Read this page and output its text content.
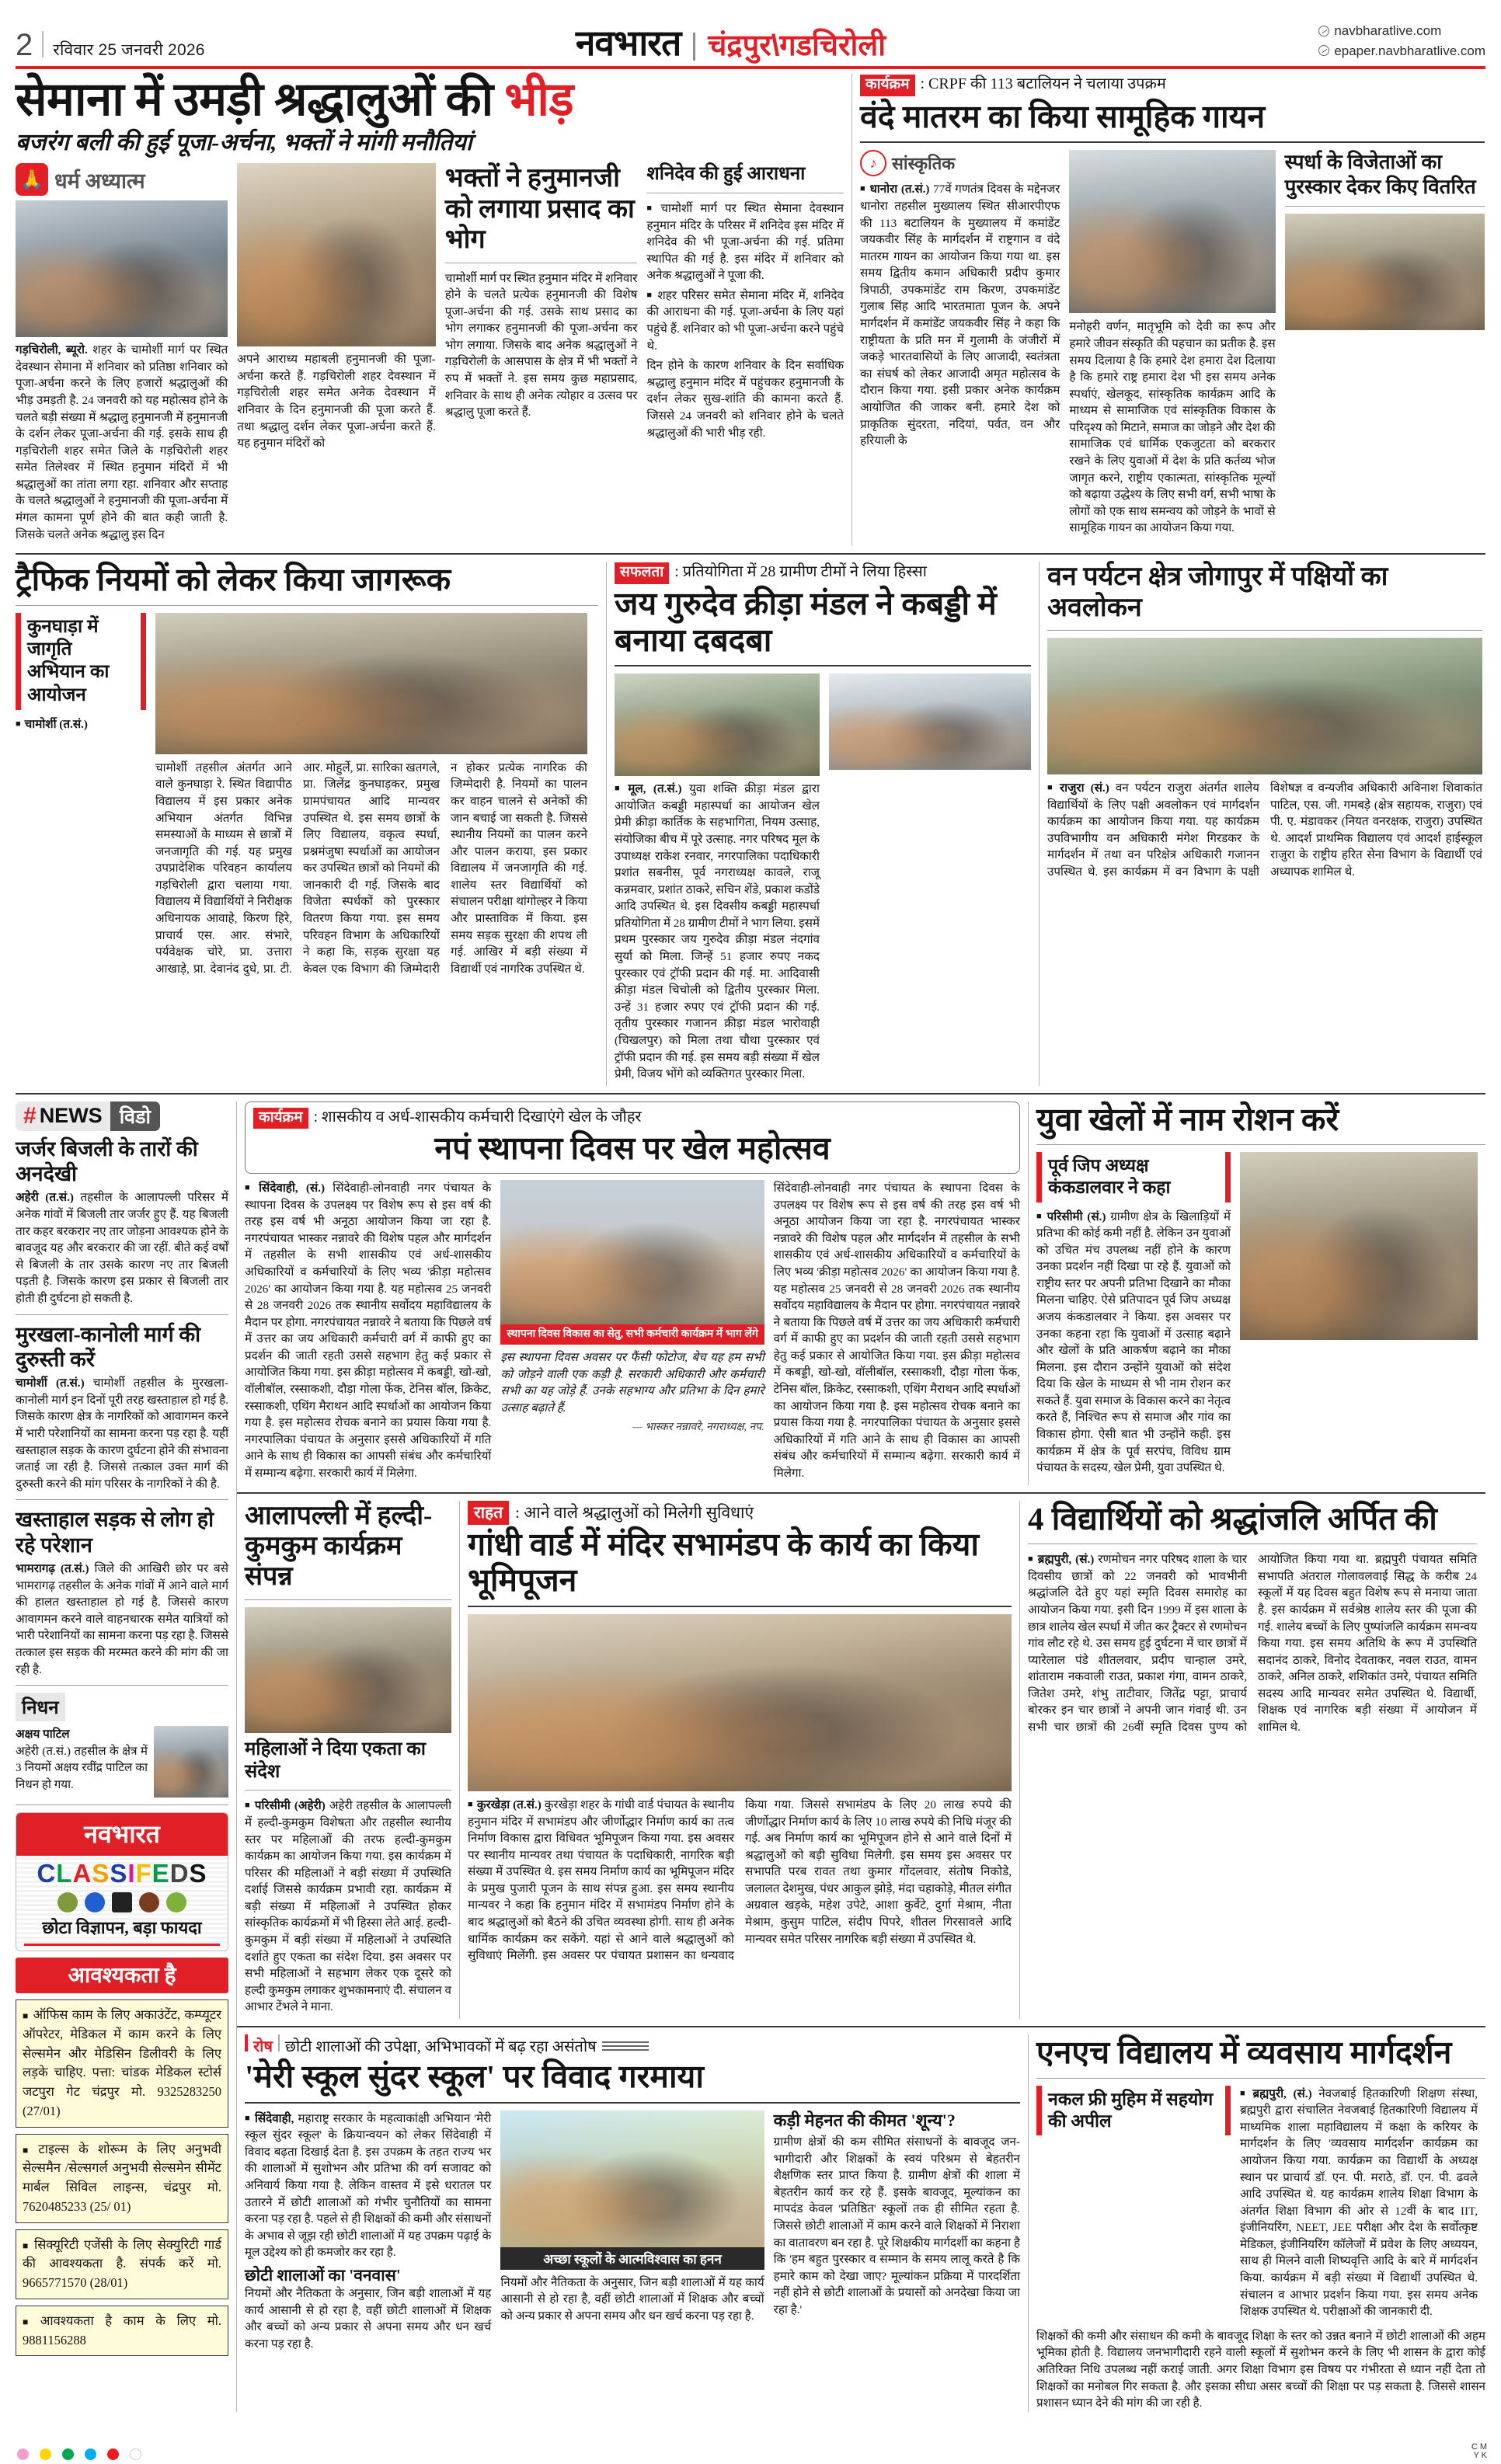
2 रविवार 25 जनवरी 2026	नवभारत चंद्रपुर\गडचिरोली	navbharatlive.com
epaper.navbharatlive.com
सेमाना में उमड़ी श्रद्धालुओं की भीड़
बजरंग बली की हुई पूजा-अर्चना, भक्तों ने मांगी मनौतियां
🙏 धर्म अध्यात्म

गड़चिरोली, ब्यूरो. शहर के चामोर्शी मार्ग पर स्थित देवस्थान सेमाना में शनिवार को प्रतिष्ठा शनिवार को पूजा-अर्चना करने के लिए हजारों श्रद्धालुओं की भीड़ उमड़ती है. 24 जनवरी को यह महोत्सव होने के चलते बड़ी संख्या में श्रद्धालु हनुमानजी में हनुमानजी के दर्शन लेकर पूजा-अर्चना की गई. इसके साथ ही गड़चिरोली शहर समेत जिले के गड़चिरोली शहर समेत तिलेश्वर में स्थित हनुमान मंदिरों में भी श्रद्धालुओं का तांता लगा रहा. शनिवार और सप्ताह के चलते श्रद्धालुओं ने हनुमानजी की पूजा-अर्चना में मंगल कामना पूर्ण होने की बात कही जाती है. जिसके चलते अनेक श्रद्धालु इस दिन

अपने आराध्य महाबली हनुमानजी की पूजा-अर्चना करते हैं. गड़चिरोली शहर देवस्थान में गड़चिरोली शहर समेत अनेक देवस्थान में शनिवार के दिन हनुमानजी की पूजा करते हैं. तथा श्रद्धालु दर्शन लेकर पूजा-अर्चना करते हैं. यह हनुमान मंदिरों को

भक्तों ने हनुमानजी को लगाया प्रसाद का भोग
चामोर्शी मार्ग पर स्थित हनुमान मंदिर में शनिवार होने के चलते प्रत्येक हनुमानजी की विशेष पूजा-अर्चना की गई. उसके साथ प्रसाद का भोग लगाकर हनुमानजी की पूजा-अर्चना कर भोग लगाया. जिसके बाद अनेक श्रद्धालुओं ने गड़चिरोली के आसपास के क्षेत्र में भी भक्तों ने रुप में भक्तों ने. इस समय कुछ महाप्रसाद, शनिवार के साथ ही अनेक त्योहार व उत्सव पर श्रद्धालु पूजा करते हैं.
शनिदेव की हुई आराधना

■ चामोर्शी मार्ग पर स्थित सेमाना देवस्थान हनुमान मंदिर के परिसर में शनिदेव इस मंदिर में शनिदेव की भी पूजा-अर्चना की गई. प्रतिमा स्थापित की गई है. इस मंदिर में शनिवार को अनेक श्रद्धालुओं ने पूजा की.

■ शहर परिसर समेत सेमाना मंदिर में, शनिदेव की आराधना की गई. पूजा-अर्चना के लिए यहां पहुंचे हैं. शनिवार को भी पूजा-अर्चना करने पहुंचे थे.

दिन होने के कारण शनिवार के दिन सर्वाधिक श्रद्धालु हनुमान मंदिर में पहुंचकर हनुमानजी के दर्शन लेकर सुख-शांति की कामना करते हैं. जिससे 24 जनवरी को शनिवार होने के चलते श्रद्धालुओं की भारी भीड़ रही.

कार्यक्रम : CRPF की 113 बटालियन ने चलाया उपक्रम
वंदे मातरम का किया सामूहिक गायन
♪ सांस्कृतिक

■ धानोरा (त.सं.) 77वें गणतंत्र दिवस के मद्देनजर धानोरा तहसील मुख्यालय स्थित सीआरपीएफ की 113 बटालियन के मुख्यालय में कमांडेंट जयकवीर सिंह के मार्गदर्शन में राष्ट्रगान व वंदे मातरम गायन का आयोजन किया गया था. इस समय द्वितीय कमान अधिकारी प्रदीप कुमार त्रिपाठी, उपकमांडेंट राम किरण, उपकमांडेंट गुलाब सिंह आदि भारतमाता पूजन के. अपने मार्गदर्शन में कमांडेंट जयकवीर सिंह ने कहा कि राष्ट्रीयता के प्रति मन में गुलामी के जंजीरों में जकड़े भारतवासियों के लिए आजादी, स्वतंत्रता का संघर्ष को लेकर आजादी अमृत महोत्सव के दौरान किया गया. इसी प्रकार अनेक कार्यक्रम आयोजित की जाकर बनी. हमारे देश को प्राकृतिक सुंदरता, नदियां, पर्वत, वन और हरियाली के

मनोहरी वर्णन, मातृभूमि को देवी का रूप और हमारे जीवन संस्कृति की पहचान का प्रतीक है. इस समय दिलाया है कि हमारे देश हमारा देश दिलाया है कि हमारे राष्ट्र हमारा देश भी इस समय अनेक स्पर्धाएं, खेलकूद, सांस्कृतिक कार्यक्रम आदि के माध्यम से सामाजिक एवं सांस्कृतिक विकास के परिदृश्य को मिटाने, समाज का जोड़ने और देश की सामाजिक एवं धार्मिक एकजुटता को बरकरार रखने के लिए युवाओं में देश के प्रति कर्तव्य भोज जागृत करने, राष्ट्रीय एकात्मता, सांस्कृतिक मूल्यों को बढ़ाया उद्धेश्य के लिए सभी वर्ग, सभी भाषा के लोगों को एक साथ समन्वय को जोड़ने के भावों से सामूहिक गायन का आयोजन किया गया.
स्पर्धा के विजेताओं का पुरस्कार देकर किए वितरित
ट्रैफिक नियमों को लेकर किया जागरूक
कुनघाड़ा में जागृति अभियान का आयोजन

■ चामोर्शी (त.सं.)

चामोर्शी तहसील अंतर्गत आने वाले कुनघाड़ा रे. स्थित विद्यापीठ विद्यालय में इस प्रकार अनेक अभियान अंतर्गत विभिन्न समस्याओं के माध्यम से छात्रों में जनजागृति की गई. यह प्रमुख उपप्रादेशिक परिवहन कार्यालय गड़चिरोली द्वारा चलाया गया. विद्यालय में विद्यार्थियों ने निरीक्षक अधिनायक आवाहे, किरण हिरे, प्राचार्य एस. आर. संभारे, पर्यवेक्षक चोरे, प्रा. उत्तारा आखाड़े, प्रा. देवानंद दुधे, प्रा. टी. आर. मोहुर्ले, प्रा. सारिका खतगले, प्रा. जिलेंद्र कुनघाड़कर, प्रमुख ग्रामपंचायत आदि मान्यवर उपस्थित थे. इस समय छात्रों के लिए विद्यालय, वकृत्व स्पर्धा, प्रश्नमंजुषा स्पर्धाओं का आयोजन कर उपस्थित छात्रों को नियमों की जानकारी दी गई. जिसके बाद विजेता स्पर्धकों को पुरस्कार वितरण किया गया. इस समय परिवहन विभाग के अधिकारियों ने कहा कि, सड़क सुरक्षा यह केवल एक विभाग की जिम्मेदारी न होकर प्रत्येक नागरिक की जिम्मेदारी है. नियमों का पालन कर वाहन चालने से अनेकों की जान बचाई जा सकती है. जिससे स्थानीय नियमों का पालन करने और पालन कराया, इस प्रकार विद्यालय में जनजागृति की गई. शालेय स्तर विद्यार्थियों को संचालन परीक्षा थांगोल्हर ने किया और प्रास्ताविक में किया. इस समय सड़क सुरक्षा की शपथ ली गई. आखिर में बड़ी संख्या में विद्यार्थी एवं नागरिक उपस्थित थे.
सफलता : प्रतियोगिता में 28 ग्रामीण टीमों ने लिया हिस्सा
जय गुरुदेव क्रीड़ा मंडल ने कबड्डी में बनाया दबदबा

■ मूल, (त.सं.) युवा शक्ति क्रीड़ा मंडल द्वारा आयोजित कबड्डी महास्पर्धा का आयोजन खेल प्रेमी क्रीड़ा कार्तिक के सहभागिता, नियम उत्साह, संयोजिका बीच में पूरे उत्साह. नगर परिषद मूल के उपाध्यक्ष राकेश रनवार, नगरपालिका पदाधिकारी प्रशांत सबनीस, पूर्व नगराध्यक्ष कावले, राजू कन्नमवार, प्रशांत ठाकरे, सचिन शेंडे, प्रकाश कडोंडे आदि उपस्थित थे. इस दिवसीय कबड्डी महास्पर्धा प्रतियोगिता में 28 ग्रामीण टीमों ने भाग लिया. इसमें प्रथम पुरस्कार जय गुरुदेव क्रीड़ा मंडल नंदगांव सुर्या को मिला. जिन्हें 51 हजार रुपए नकद पुरस्कार एवं ट्रॉफी प्रदान की गई. मा. आदिवासी क्रीड़ा मंडल चिचोली को द्वितीय पुरस्कार मिला. उन्हें 31 हजार रुपए एवं ट्रॉफी प्रदान की गई. तृतीय पुरस्कार गजानन क्रीड़ा मंडल भारोवाही (चिखलपुर) को मिला तथा चौथा पुरस्कार एवं ट्रॉफी प्रदान की गई. इस समय बड़ी संख्या में खेल प्रेमी, विजय भोंगे को व्यक्तिगत पुरस्कार मिला.

वन पर्यटन क्षेत्र जोगापुर में पक्षियों का अवलोकन

■ राजुरा (सं.) वन पर्यटन राजुरा अंतर्गत शालेय विद्यार्थियों के लिए पक्षी अवलोकन एवं मार्गदर्शन कार्यक्रम का आयोजन किया गया. यह कार्यक्रम उपविभागीय वन अधिकारी मंगेश गिरडकर के मार्गदर्शन में तथा वन परिक्षेत्र अधिकारी गजानन उपस्थित थे. इस कार्यक्रम में वन विभाग के पक्षी विशेषज्ञ व वन्यजीव अधिकारी अविनाश शिवाकांत पाटिल, एस. जी. गमबड़े (क्षेत्र सहायक, राजुरा) एवं पी. ए. मंडावकर (नियत वनरक्षक, राजुरा) उपस्थित थे. आदर्श प्राथमिक विद्यालय एवं आदर्श हाईस्कूल राजुरा के राष्ट्रीय हरित सेना विभाग के विद्यार्थी एवं अध्यापक शामिल थे.

# NEWS विडो
जर्जर बिजली के तारों की अनदेखी
अहेरी (त.सं.) तहसील के आलापल्ली परिसर में अनेक गांवों में बिजली तार जर्जर हुए हैं. यह बिजली तार कहर बरकरार नए तार जोड़ना आवश्यक होने के बावजूद यह और बरकरार की जा रहीं. बीते कई वर्षों से बिजली के तार उसके कारण नए तार बिजली पड़ती है. जिसके कारण इस प्रकार से बिजली तार होती ही दुर्घटना हो सकती है.
मुरखला-कानोली मार्ग की दुरुस्ती करें
चामोर्शी (त.सं.) चामोर्शी तहसील के मुरखला-कानोली मार्ग इन दिनों पूरी तरह खस्ताहाल हो गई है. जिसके कारण क्षेत्र के नागरिकों को आवागमन करने में भारी परेशानियों का सामना करना पड़ रहा है. यहीं खस्ताहाल सड़क के कारण दुर्घटना होने की संभावना जताई जा रही है. जिससे तत्काल उक्त मार्ग की दुरुस्ती करने की मांग परिसर के नागरिकों ने की है.
खस्ताहाल सड़क से लोग हो रहे परेशान
भामरागढ़ (त.सं.) जिले की आखिरी छोर पर बसे भामरागढ़ तहसील के अनेक गांवों में आने वाले मार्ग की हालत खस्ताहाल हो गई है. जिससे कारण आवागमन करने वाले वाहनधारक समेत यात्रियों को भारी परेशानियों का सामना करना पड़ रहा है. जिससे तत्काल इस सड़क की मरम्मत करने की मांग की जा रही है.
निधन
अक्षय पाटिल
अहेरी (त.सं.) तहसील के क्षेत्र में 3 नियमों अक्षय रवींद्र पाटिल का निधन हो गया.
नवभारत
CLASSIFEDS
छोटा विज्ञापन, बड़ा फायदा
आवश्यकता है
■ ऑफिस काम के लिए अकाउंटेंट, कम्प्यूटर ऑपरेटर, मेडिकल में काम करने के लिए सेल्समेन और मेडिसिन डिलीवरी के लिए लड़के चाहिए. पत्ता: चांडक मेडिकल स्टोर्स जटपुरा गेट चंद्रपुर मो. 9325283250 (27/01)
■ टाइल्स के शोरूम के लिए अनुभवी सेल्समैन /सेल्सगर्ल अनुभवी सेल्समेन सीमेंट मार्बल सिविल लाइन्स, चंद्रपुर मो. 7620485233 (25/ 01)
■ सिक्यूरिटी एजेंसी के लिए सेक्युरिटी गार्ड की आवश्यकता है. संपर्क करें मो. 9665771570 (28/01)
■ आवश्यकता है काम के लिए मो. 9881156288
कार्यक्रम : शासकीय व अर्ध-शासकीय कर्मचारी दिखाएंगे खेल के जौहर
नपं स्थापना दिवस पर खेल महोत्सव

■ सिंदेवाही, (सं.) सिंदेवाही-लोनवाही नगर पंचायत के स्थापना दिवस के उपलक्ष्य पर विशेष रूप से इस वर्ष की तरह इस वर्ष भी अनूठा आयोजन किया जा रहा है. नगरपंचायत भास्कर नन्नावरे की विशेष पहल और मार्गदर्शन में तहसील के सभी शासकीय एवं अर्ध-शासकीय अधिकारियों व कर्मचारियों के लिए भव्य 'क्रीड़ा महोत्सव 2026' का आयोजन किया गया है. यह महोत्सव 25 जनवरी से 28 जनवरी 2026 तक स्थानीय सर्वोदय महाविद्यालय के मैदान पर होगा. नगरपंचायत नन्नावरे ने बताया कि पिछले वर्ष में उत्तर का जय अधिकारी कर्मचारी वर्ग में काफी हुए का प्रदर्शन की जाती रहती उससे सहभाग हेतु कई प्रकार से आयोजित किया गया. इस क्रीड़ा महोत्सव में कबड्डी, खो-खो, वॉलीबॉल, रस्साकशी, दौड़ा गोला फेंक, टेनिस बॉल, क्रिकेट, रस्साकशी, एथिंग मैराथन आदि स्पर्धाओं का आयोजन किया गया है. इस महोत्सव रोचक बनाने का प्रयास किया गया है. नगरपालिका पंचायत के अनुसार इससे अधिकारियों में गति आने के साथ ही विकास का आपसी संबंध और कर्मचारियों में सम्मान्य बढ़ेगा. सरकारी कार्य में मिलेगा.

स्थापना दिवस विकास का सेतु, सभी कर्मचारी कार्यक्रम में भाग लेंगे
इस स्थापना दिवस अवसर पर फैंसी फोटोज, बेच यह हम सभी को जोड़ने वाली एक कड़ी है. सरकारी अधिकारी और कर्मचारी सभी का यह जोड़े हैं. उनके सहभाग्य और प्रतिभा के दिन हमारे उत्साह बढ़ाते हैं.
— भास्कर नन्नावरे, नगराध्यक्ष, नप.

सिंदेवाही-लोनवाही नगर पंचायत के स्थापना दिवस के उपलक्ष्य पर विशेष रूप से इस वर्ष की तरह इस वर्ष भी अनूठा आयोजन किया जा रहा है. नगरपंचायत भास्कर नन्नावरे की विशेष पहल और मार्गदर्शन में तहसील के सभी शासकीय एवं अर्ध-शासकीय अधिकारियों व कर्मचारियों के लिए भव्य 'क्रीड़ा महोत्सव 2026' का आयोजन किया गया है. यह महोत्सव 25 जनवरी से 28 जनवरी 2026 तक स्थानीय सर्वोदय महाविद्यालय के मैदान पर होगा. नगरपंचायत नन्नावरे ने बताया कि पिछले वर्ष में उत्तर का जय अधिकारी कर्मचारी वर्ग में काफी हुए का प्रदर्शन की जाती रहती उससे सहभाग हेतु कई प्रकार से आयोजित किया गया. इस क्रीड़ा महोत्सव में कबड्डी, खो-खो, वॉलीबॉल, रस्साकशी, दौड़ा गोला फेंक, टेनिस बॉल, क्रिकेट, रस्साकशी, एथिंग मैराथन आदि स्पर्धाओं का आयोजन किया गया है. इस महोत्सव रोचक बनाने का प्रयास किया गया है. नगरपालिका पंचायत के अनुसार इससे अधिकारियों में गति आने के साथ ही विकास का आपसी संबंध और कर्मचारियों में सम्मान्य बढ़ेगा. सरकारी कार्य में मिलेगा.

युवा खेलों में नाम रोशन करें
पूर्व जिप अध्यक्ष कंकडालवार ने कहा

■ परिसीमी (सं.) ग्रामीण क्षेत्र के खिलाड़ियों में प्रतिभा की कोई कमी नहीं है. लेकिन उन युवाओं को उचित मंच उपलब्ध नहीं होने के कारण उनका प्रदर्शन नहीं दिखा पा रहे हैं. युवाओं को राष्ट्रीय स्तर पर अपनी प्रतिभा दिखाने का मौका मिलना चाहिए. ऐसे प्रतिपादन पूर्व जिप अध्यक्ष अजय कंकडालवार ने किया. इस अवसर पर उनका कहना रहा कि युवाओं में उत्साह बढ़ाने और खेलों के प्रति आकर्षण बढ़ाने का मौका मिलना. इस दौरान उन्होंने युवाओं को संदेश दिया कि खेल के माध्यम से भी नाम रोशन कर सकते हैं. युवा समाज के विकास करने का नेतृत्व करते हैं, निश्चित रूप से समाज और गांव का विकास होगा. ऐसी बात भी उन्होंने कही. इस कार्यक्रम में क्षेत्र के पूर्व सरपंच, विविध ग्राम पंचायत के सदस्य, खेल प्रेमी, युवा उपस्थित थे.

आलापल्ली में हल्दी-कुमकुम कार्यक्रम संपन्न
महिलाओं ने दिया एकता का संदेश

■ परिसीमी (अहेरी) अहेरी तहसील के आलापल्ली में हल्दी-कुमकुम विशेषता और तहसील स्थानीय स्तर पर महिलाओं की तरफ हल्दी-कुमकुम कार्यक्रम का आयोजन किया गया. इस कार्यक्रम में परिसर की महिलाओं ने बड़ी संख्या में उपस्थिति दर्शाई जिससे कार्यक्रम प्रभावी रहा. कार्यक्रम में बड़ी संख्या में महिलाओं ने उपस्थित होकर सांस्कृतिक कार्यक्रमों में भी हिस्सा लेते आई. हल्दी-कुमकुम में बड़ी संख्या में महिलाओं ने उपस्थिति दर्शाते हुए एकता का संदेश दिया. इस अवसर पर सभी महिलाओं ने सहभाग लेकर एक दूसरे को हल्दी कुमकुम लगाकर शुभकामनाएं दी. संचालन व आभार टेंभले ने माना.

राहत : आने वाले श्रद्धालुओं को मिलेगी सुविधाएं
गांधी वार्ड में मंदिर सभामंडप के कार्य का किया भूमिपूजन

■ कुरखेड़ा (त.सं.) कुरखेड़ा शहर के गांधी वार्ड पंचायत के स्थानीय हनुमान मंदिर में सभामंडप और जीर्णोद्धार निर्माण कार्य का तत्व निर्माण विकास द्वारा विधिवत भूमिपूजन किया गया. इस अवसर पर स्थानीय मान्यवर तथा पंचायत के पदाधिकारी, नागरिक बड़ी संख्या में उपस्थित थे. इस समय निर्माण कार्य का भूमिपूजन मंदिर के प्रमुख पुजारी पूजन के साथ संपन्न हुआ. इस समय स्थानीय मान्यवर ने कहा कि हनुमान मंदिर में सभामंडप निर्माण होने के बाद श्रद्धालुओं को बैठने की उचित व्यवस्था होगी. साथ ही अनेक धार्मिक कार्यक्रम कर सकेंगे. यहां से आने वाले श्रद्धालुओं को सुविधाएं मिलेंगी. इस अवसर पर पंचायत प्रशासन का धन्यवाद किया गया. जिससे सभामंडप के लिए 20 लाख रुपये की जीर्णोद्धार निर्माण कार्य के लिए 10 लाख रुपये की निधि मंजूर की गई. अब निर्माण कार्य का भूमिपूजन होने से आने वाले दिनों में श्रद्धालुओं को बड़ी सुविधा मिलेगी. इस समय इस अवसर पर सभापति परब रावत तथा कुमार गोंदलवार, संतोष निकोडे, जलालत देशमुख, पंधर आकुल झोड़े, मंदा चहाकोड़े, मीतल संगीत अग्रवाल खड़के, महेश उपेटे, आशा कुर्वेटे, दुर्गा मेश्राम, नीता मेश्राम, कुसुम पाटिल, संदीप पिपरे, शीतल गिरसावले आदि मान्यवर समेत परिसर नागरिक बड़ी संख्या में उपस्थित थे.

4 विद्यार्थियों को श्रद्धांजलि अर्पित की

■ ब्रह्मपुरी, (सं.) रणमोचन नगर परिषद शाला के चार दिवसीय छात्रों को 22 जनवरी को भावभीनी श्रद्धांजलि देते हुए यहां स्मृति दिवस समारोह का आयोजन किया गया. इसी दिन 1999 में इस शाला के छात्र शालेय खेल स्पर्धा में जीत कर ट्रैक्टर से रणमोचन गांव लौट रहे थे. उस समय हुई दुर्घटना में चार छात्रों में प्यारेलाल पंडे शीतलवार, प्रदीप चान्हाल उमरे, शांताराम नकवाली राउत, प्रकाश गंगा, वामन ठाकरे, जितेश उमरे, शंभु ताटीवार, जितेंद्र पट्टा, प्राचार्य बोरकर इन चार छात्रों ने अपनी जान गंवाई थी. उन सभी चार छात्रों की 26वीं स्मृति दिवस पुण्य को आयोजित किया गया था. ब्रह्मपुरी पंचायत समिति सभापति अंतराल गोलावलवाई सिद्ध के करीब 24 स्कूलों में यह दिवस बहुत विशेष रूप से मनाया जाता है. इस कार्यक्रम में सर्वश्रेष्ठ शालेय स्तर की पूजा की गई. शालेय बच्चों के लिए पुष्पांजलि कार्यक्रम समन्वय किया गया. इस समय अतिथि के रूप में उपस्थिति सदानंद ठाकरे, विनोद देवताकर, नवल राउत, वामन ठाकरे, अनिल ठाकरे, शशिकांत उमरे, पंचायत समिति सदस्य आदि मान्यवर समेत उपस्थित थे. विद्यार्थी, शिक्षक एवं नागरिक बड़ी संख्या में आयोजन में शामिल थे.

रोष छोटी शालाओं की उपेक्षा, अभिभावकों में बढ़ रहा असंतोष
'मेरी स्कूल सुंदर स्कूल' पर विवाद गरमाया

■ सिंदेवाही, महाराष्ट्र सरकार के महत्वाकांक्षी अभियान 'मेरी स्कूल सुंदर स्कूल' के क्रियान्वयन को लेकर सिंदेवाही में विवाद बढ़ता दिखाई देता है. इस उपक्रम के तहत राज्य भर की शालाओं में सुशोभन और प्रतिभा की वर्ग सजावट को अनिवार्य किया गया है. लेकिन वास्तव में इसे धरातल पर उतारने में छोटी शालाओं को गंभीर चुनौतियों का सामना करना पड़ रहा है. पहले से ही शिक्षकों की कमी और संसाधनों के अभाव से जूझ रही छोटी शालाओं में यह उपक्रम पढ़ाई के मूल उद्देश्य को ही कमजोर कर रहा है.

छोटी शालाओं का 'वनवास'
नियमों और नैतिकता के अनुसार, जिन बड़ी शालाओं में यह कार्य आसानी से हो रहा है, वहीं छोटी शालाओं में शिक्षक और बच्चों को अन्य प्रकार से अपना समय और धन खर्च करना पड़ रहा है.
अच्छा स्कूलों के आत्मविश्वास का हनन
नियमों और नैतिकता के अनुसार, जिन बड़ी शालाओं में यह कार्य आसानी से हो रहा है, वहीं छोटी शालाओं में शिक्षक और बच्चों को अन्य प्रकार से अपना समय और धन खर्च करना पड़ रहा है.
कड़ी मेहनत की कीमत 'शून्य'?
ग्रामीण क्षेत्रों की कम सीमित संसाधनों के बावजूद जन-भागीदारी और शिक्षकों के स्वयं परिश्रम से बेहतरीन शैक्षणिक स्तर प्राप्त किया है. ग्रामीण क्षेत्रों की शाला में बेहतरीन कार्य कर रहे हैं. इसके बावजूद, मूल्यांकन का मापदंड केवल 'प्रतिष्ठित' स्कूलों तक ही सीमित रहता है. जिससे छोटी शालाओं में काम करने वाले शिक्षकों में निराशा का वातावरण बन रहा है. पूरे शिक्षकीय मार्गदर्शी का कहना है कि 'हम बहुत पुरस्कार व सम्मान के समय लालू करते है कि हमारे काम को देखा जाए? मूल्यांकन प्रक्रिया में पारदर्शिता नहीं होने से छोटी शालाओं के प्रयासों को अनदेखा किया जा रहा है.'
एनएच विद्यालय में व्यवसाय मार्गदर्शन
नकल फ्री मुहिम में सहयोग की अपील

■ ब्रह्मपुरी, (सं.) नेवजबाई हितकारिणी शिक्षण संस्था, ब्रह्मपुरी द्वारा संचालित नेवजबाई हितकारिणी विद्यालय में माध्यमिक शाला महाविद्यालय में कक्षा के करियर के मार्गदर्शन के लिए 'व्यवसाय मार्गदर्शन' कार्यक्रम का आयोजन किया गया. कार्यक्रम का विद्यार्थी के अध्यक्ष स्थान पर प्राचार्य डॉ. एन. पी. मराठे, डॉ. एन. पी. ढवले आदि उपस्थित थे. यह कार्यक्रम शालेय शिक्षा विभाग के अंतर्गत शिक्षा विभाग की ओर से 12वीं के बाद IIT, इंजीनियरिंग, NEET, JEE परीक्षा और देश के सर्वोत्कृष्ट मेडिकल, इंजीनियरिंग कॉलेजों में प्रवेश के लिए अध्ययन, साथ ही मिलने वाली शिष्यवृत्ति आदि के बारे में मार्गदर्शन किया. कार्यक्रम में बड़ी संख्या में विद्यार्थी उपस्थित थे. संचालन व आभार प्रदर्शन किया गया. इस समय अनेक शिक्षक उपस्थित थे. परीक्षाओं की जानकारी दी.

शिक्षकों की कमी और संसाधन की कमी के बावजूद शिक्षा के स्तर को उन्नत बनाने में छोटी शालाओं की अहम भूमिका होती है. विद्यालय जनभागीदारी रहने वाली स्कूलों में सुशोभन करने के लिए भी शासन के द्वारा कोई अतिरिक्त निधि उपलब्ध नहीं कराई जाती. अगर शिक्षा विभाग इस विषय पर गंभीरता से ध्यान नहीं देता तो शिक्षकों का मनोबल गिर सकता है. और इसका सीधा असर बच्चों की शिक्षा पर पड़ सकता है. जिससे शासन प्रशासन ध्यान देने की मांग की जा रही है.
C M
Y K
